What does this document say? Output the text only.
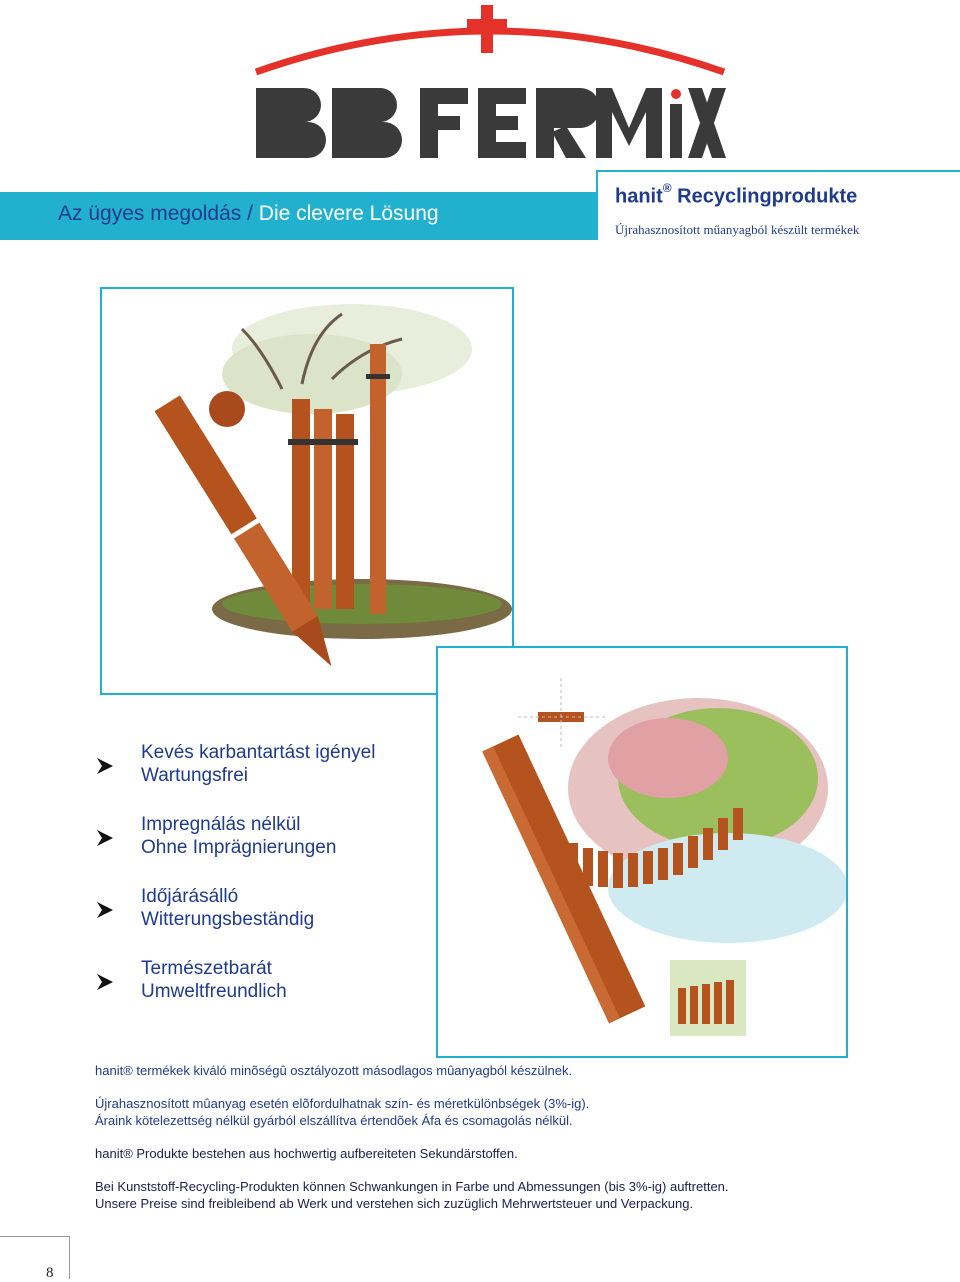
Az ügyes megoldás / Die clevere Lösung
hanit® Recyclingprodukte
Újrahasznosított műanyagból készült termékek
Kevés karbantartást igényel
Wartungsfrei
Impregnálás nélkül
Ohne Imprägnierungen
Időjárásálló
Witterungsbeständig
Természetbarát
Umweltfreundlich
hanit® termékek kiváló minõségû osztályozott másodlagos mûanyagból készülnek.
Újrahasznosított mûanyag esetén elõfordulhatnak szín- és méretkülönbségek (3%-ig).
Áraink kötelezettség nélkül gyárból elszállítva értendõek Áfa és csomagolás nélkül.
hanit® Produkte bestehen aus hochwertig aufbereiteten Sekundärstoffen.
Bei Kunststoff-Recycling-Produkten können Schwankungen in Farbe und Abmessungen (bis 3%-ig) auftretten.
Unsere Preise sind freibleibend ab Werk und verstehen sich zuzüglich Mehrwertsteuer und Verpackung.
8
